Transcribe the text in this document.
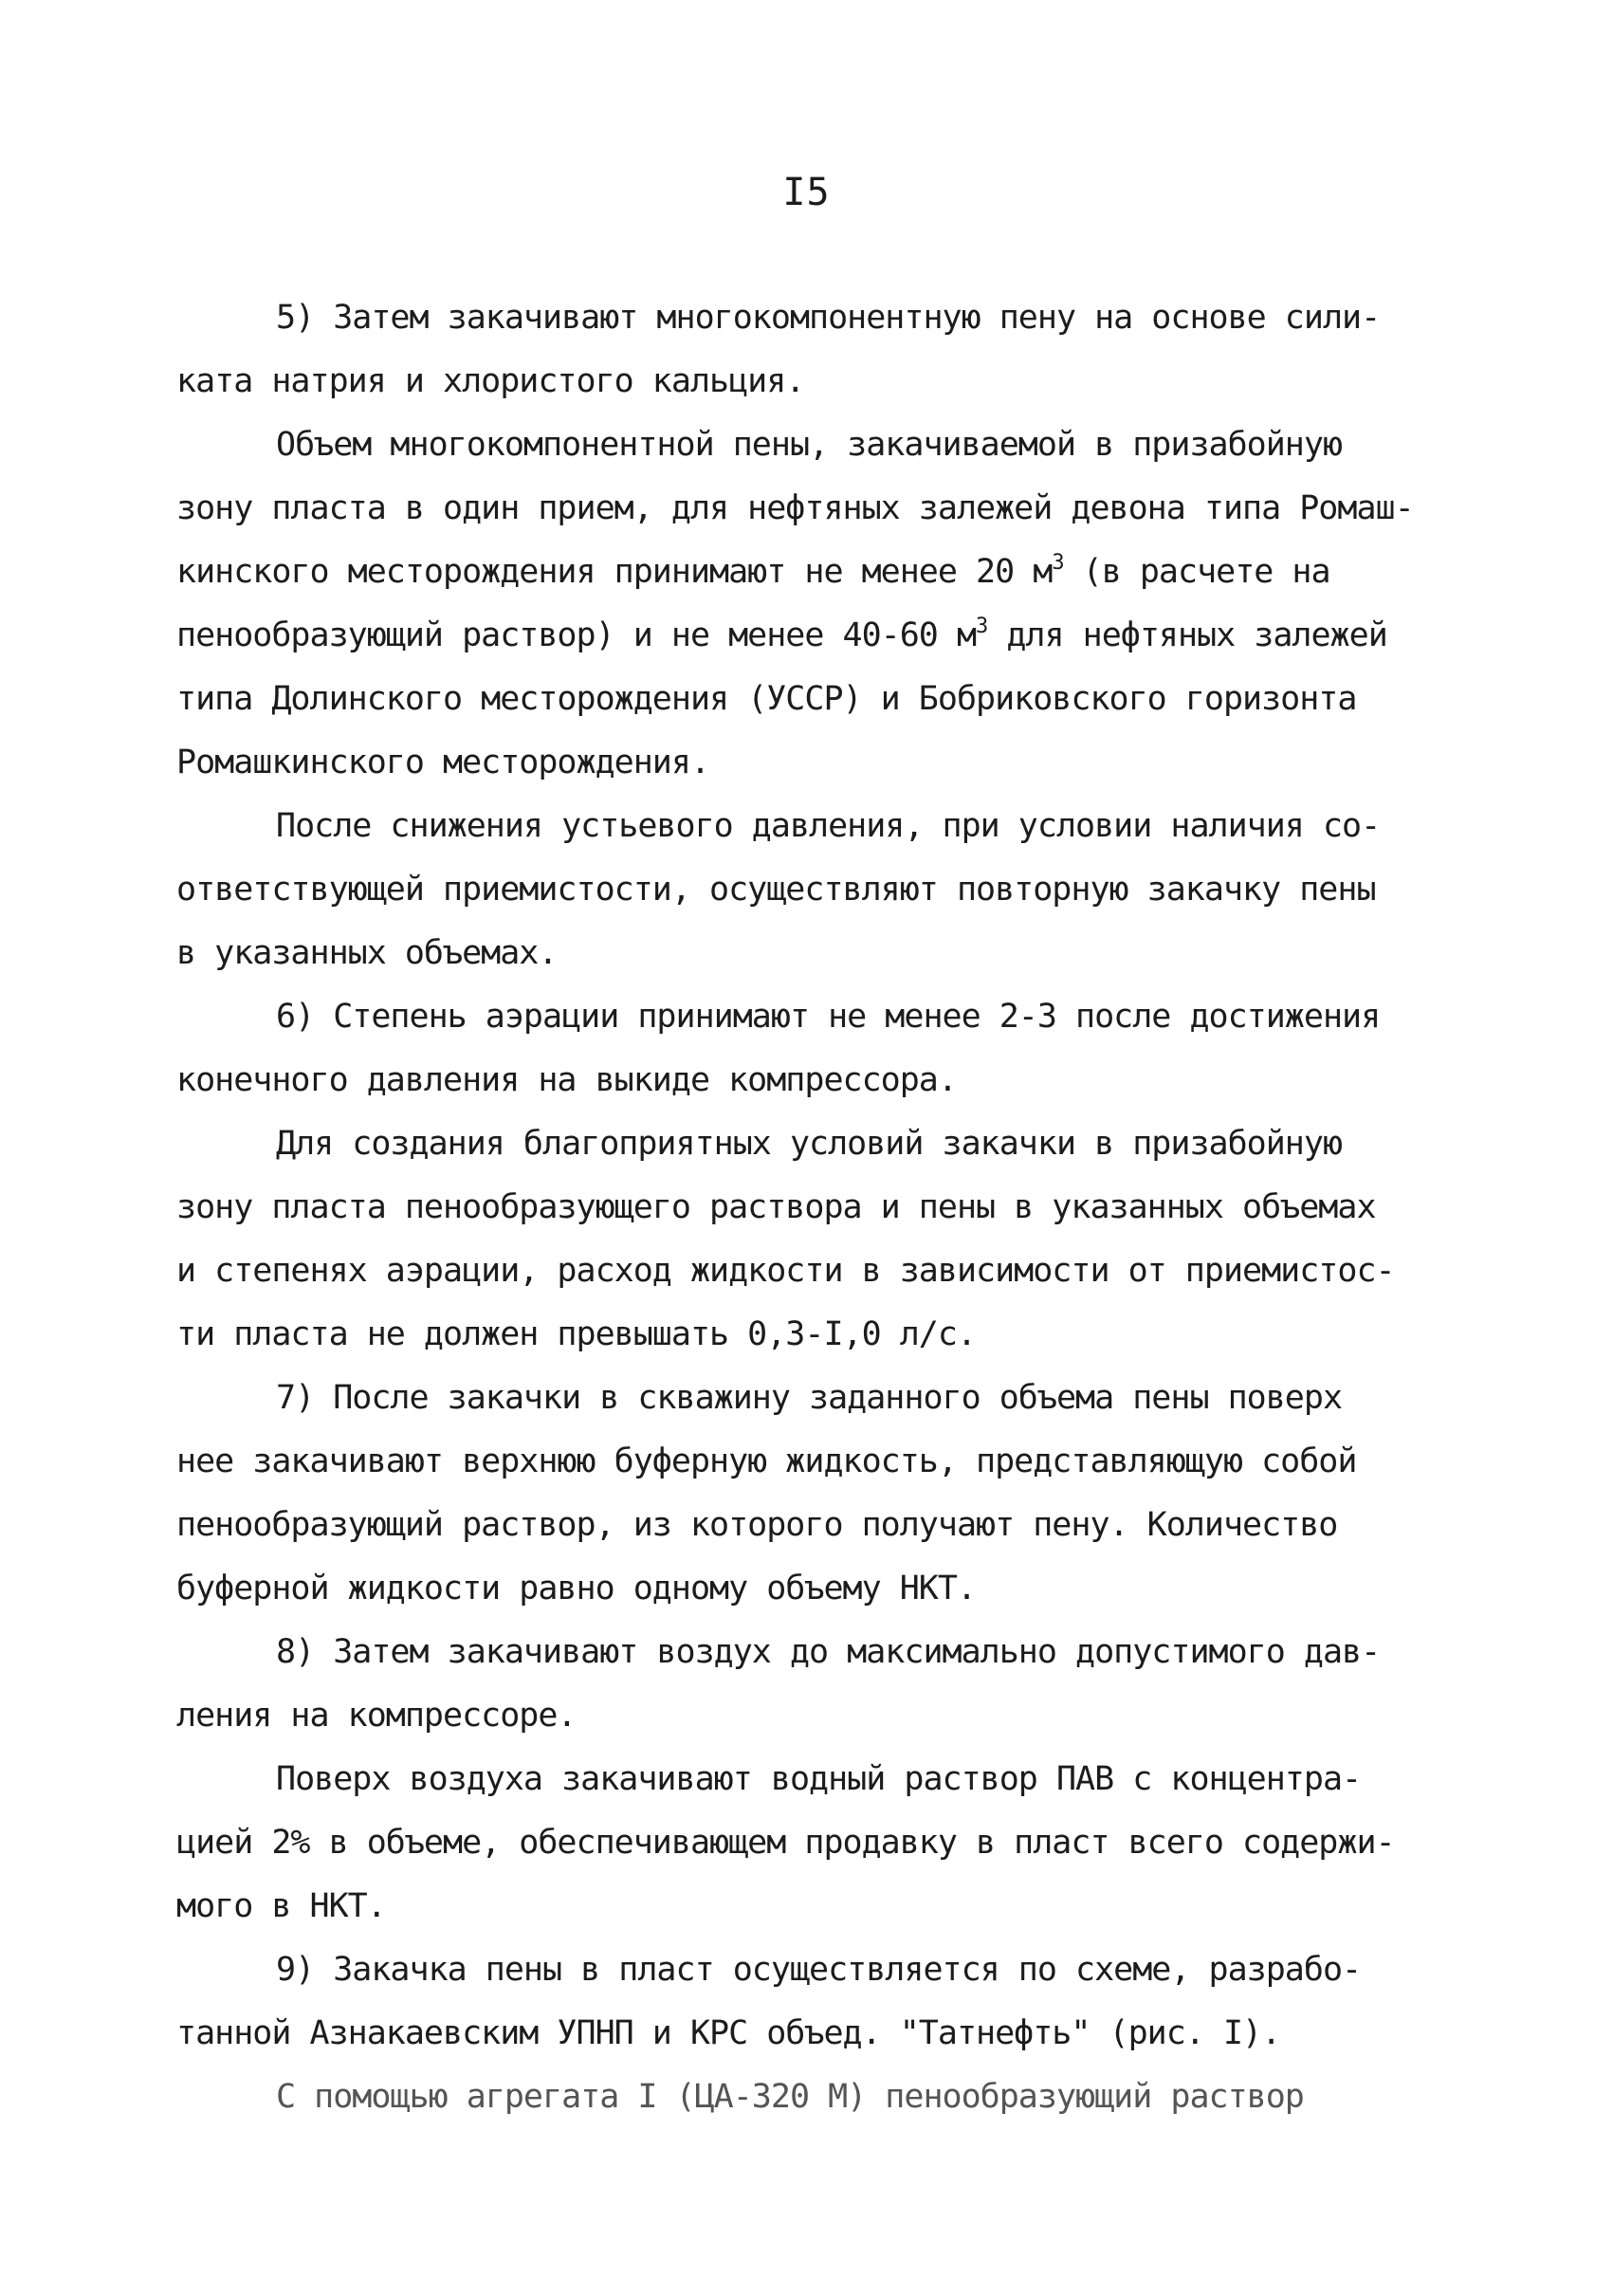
I5
5) Затем закачивают многокомпонентную пену на основе сили-
ката натрия и хлористого кальция.
Объем многокомпонентной пены, закачиваемой в призабойную
зону пласта в один прием, для нефтяных залежей девона типа Ромаш-
кинского месторождения принимают не менее 20 $м^3$ (в расчете на
пенообразующий раствор) и не менее 40-60 $м^3$ для нефтяных залежей
типа Долинского месторождения (УССР) и Бобриковского горизонта
Ромашкинского месторождения.
После снижения устьевого давления, при условии наличия со-
ответствующей приемистости, осуществляют повторную закачку пены
в указанных объемах.
6) Степень аэрации принимают не менее 2-3 после достижения
конечного давления на выкиде компрессора.
Для создания благоприятных условий закачки в призабойную
зону пласта пенообразующего раствора и пены в указанных объемах
и степенях аэрации, расход жидкости в зависимости от приемистос-
ти пласта не должен превышать 0,3-I,0 л/с.
7) После закачки в скважину заданного объема пены поверх
нее закачивают верхнюю буферную жидкость, представляющую собой
пенообразующий раствор, из которого получают пену. Количество
буферной жидкости равно одному объему НКТ.
8) Затем закачивают воздух до максимально допустимого дав-
ления на компрессоре.
Поверх воздуха закачивают водный раствор ПАВ с концентра-
цией 2% в объеме, обеспечивающем продавку в пласт всего содержи-
мого в НКТ.
9) Закачка пены в пласт осуществляется по схеме, разрабо-
танной Азнакаевским УПНП и КРС объед. "Татнефть" (рис. I).
С помощью агрегата I (ЦА-320 М) пенообразующий раствор
